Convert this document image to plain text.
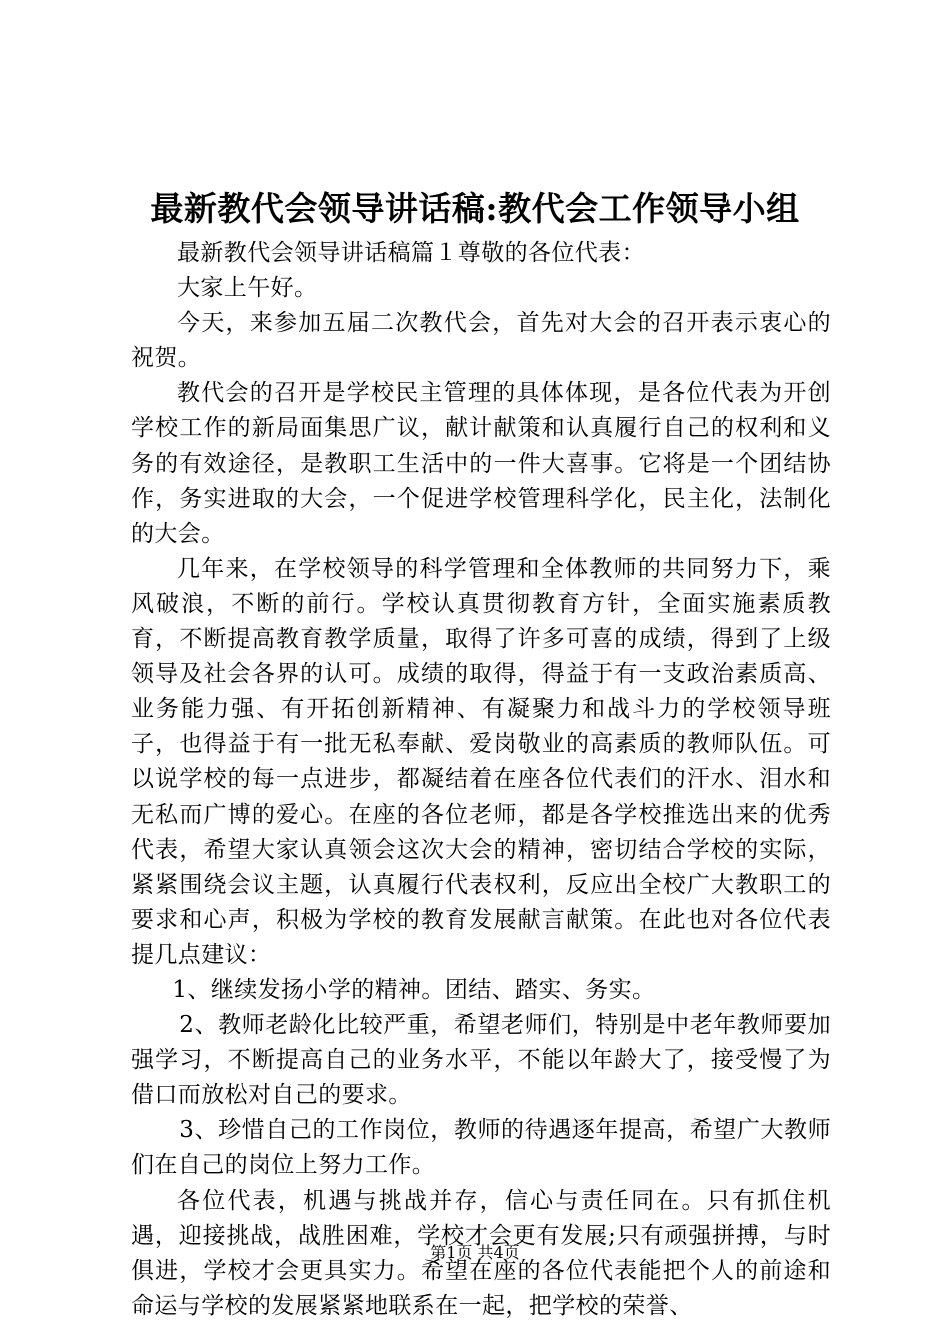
最新教代会领导讲话稿:教代会工作领导小组

最新教代会领导讲话稿篇１尊敬的各位代表：

大家上午好。

今天，来参加五届二次教代会，首先对大会的召开表示衷心的祝贺。

教代会的召开是学校民主管理的具体体现，是各位代表为开创学校工作的新局面集思广议，献计献策和认真履行自己的权利和义务的有效途径，是教职工生活中的一件大喜事。它将是一个团结协作，务实进取的大会，一个促进学校管理科学化，民主化，法制化的大会。

几年来，在学校领导的科学管理和全体教师的共同努力下，乘风破浪，不断的前行。学校认真贯彻教育方针，全面实施素质教育，不断提高教育教学质量，取得了许多可喜的成绩，得到了上级领导及社会各界的认可。成绩的取得，得益于有一支政治素质高、业务能力强、有开拓创新精神、有凝聚力和战斗力的学校领导班子，也得益于有一批无私奉献、爱岗敬业的高素质的教师队伍。可以说学校的每一点进步，都凝结着在座各位代表们的汗水、泪水和无私而广博的爱心。在座的各位老师，都是各学校推选出来的优秀代表，希望大家认真领会这次大会的精神，密切结合学校的实际，紧紧围绕会议主题，认真履行代表权利，反应出全校广大教职工的要求和心声，积极为学校的教育发展献言献策。在此也对各位代表提几点建议：

1、继续发扬小学的精神。团结、踏实、务实。

2、教师老龄化比较严重，希望老师们，特别是中老年教师要加强学习，不断提高自己的业务水平，不能以年龄大了，接受慢了为借口而放松对自己的要求。

3、珍惜自己的工作岗位，教师的待遇逐年提高，希望广大教师们在自己的岗位上努力工作。

各位代表，机遇与挑战并存，信心与责任同在。只有抓住机遇，迎接挑战，战胜困难，学校才会更有发展;只有顽强拼搏，与时俱进，学校才会更具实力。希望在座的各位代表能把个人的前途和命运与学校的发展紧紧地联系在一起，把学校的荣誉、

第1页 共4页
